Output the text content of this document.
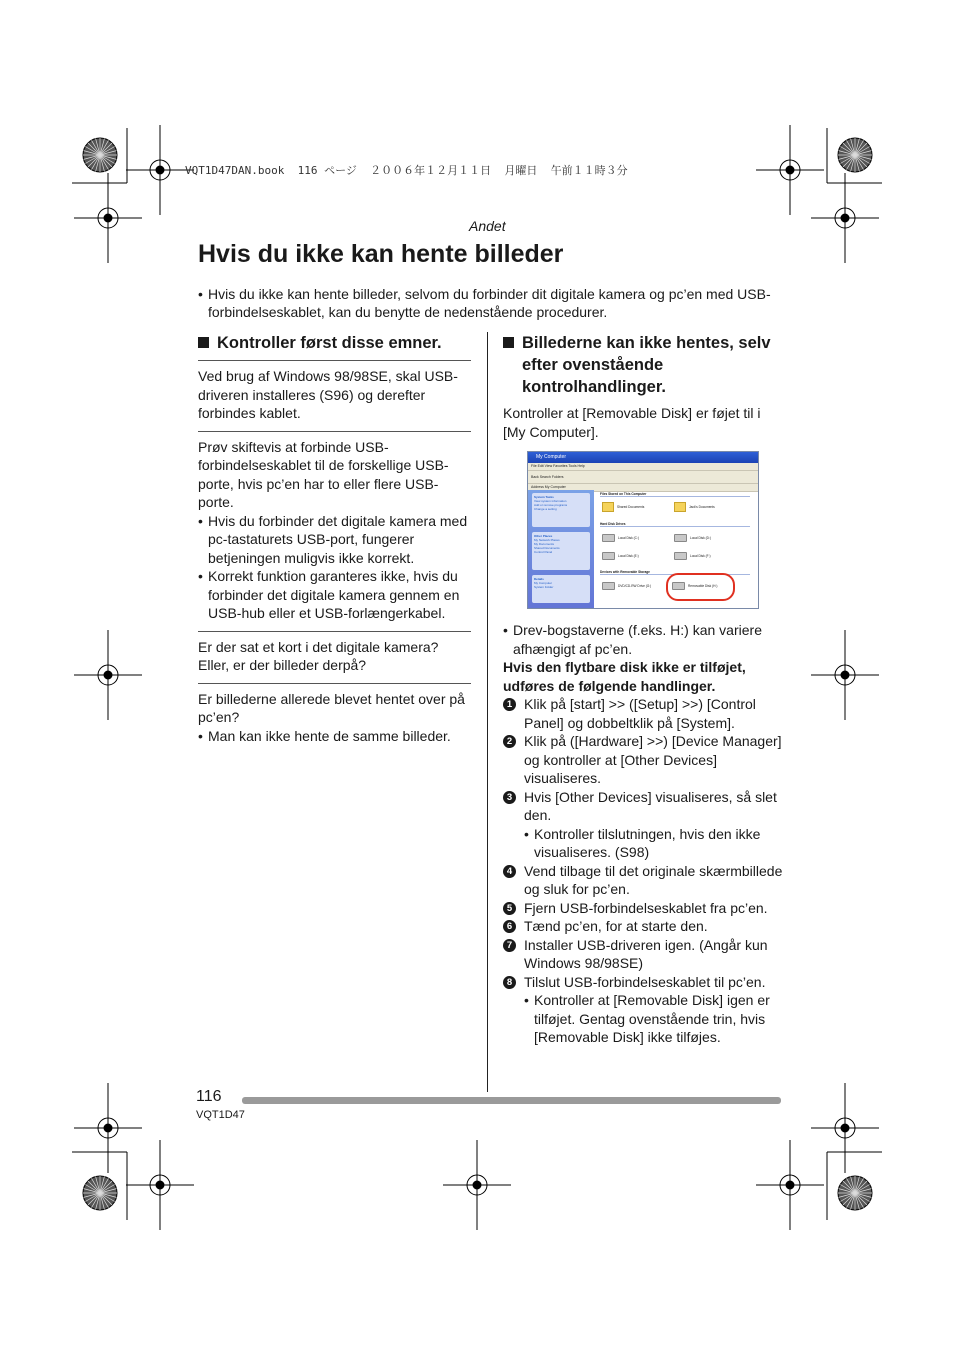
VQT1D47DAN.book  116 ページ  ２００６年１２月１１日  月曜日  午前１１時３分
Andet
Hvis du ikke kan hente billeder
• Hvis du ikke kan hente billeder, selvom du forbinder dit digitale kamera og pc’en med USB-forbindelseskablet, kan du benytte de nedenstående procedurer.
Kontroller først disse emner.
Ved brug af Windows 98/98SE, skal USB-driveren installeres (S96) og derefter forbindes kablet.
Prøv skiftevis at forbinde USB-forbindelseskablet til de forskellige USB-porte, hvis pc’en har to eller flere USB-porte.
• Hvis du forbinder det digitale kamera med pc-tastaturets USB-port, fungerer betjeningen muligvis ikke korrekt.
• Korrekt funktion garanteres ikke, hvis du forbinder det digitale kamera gennem en USB-hub eller et USB-forlængerkabel.
Er der sat et kort i det digitale kamera? Eller, er der billeder derpå?
Er billederne allerede blevet hentet over på pc’en?
• Man kan ikke hente de samme billeder.
Billederne kan ikke hentes, selv efter ovenstående kontrolhandlinger.
Kontroller at [Removable Disk] er føjet til i [My Computer].
My Computer
File Edit View Favorites Tools Help
Back Search Folders
Address My Computer
System Tasks
View system information
Add or remove programs
Change a setting
Other Places
My Network Places
My Documents
Shared Documents
Control Panel
Details
My Computer
System Folder
Files Stored on This Computer
Shared Documents	Jack's Documents
Hard Disk Drives
Local Disk (C:)	Local Disk (D:)
Local Disk (E:)	Local Disk (F:)
Devices with Removable Storage
DVD/CD-RW Drive (G:)	Removable Disk (H:)
• Drev-bogstaverne (f.eks. H:) kan variere afhængigt af pc’en.
Hvis den flytbare disk ikke er tilføjet, udføres de følgende handlinger.
1 Klik på [start] >> ([Setup] >>) [Control Panel] og dobbeltklik på [System].
2 Klik på ([Hardware] >>) [Device Manager] og kontroller at [Other Devices] visualiseres.
3 Hvis [Other Devices] visualiseres, så slet den.
• Kontroller tilslutningen, hvis den ikke visualiseres. (S98)
4 Vend tilbage til det originale skærmbillede og sluk for pc’en.
5 Fjern USB-forbindelseskablet fra pc’en.
6 Tænd pc’en, for at starte den.
7 Installer USB-driveren igen. (Angår kun Windows 98/98SE)
8 Tilslut USB-forbindelseskablet til pc’en.
• Kontroller at [Removable Disk] igen er tilføjet. Gentag ovenstående trin, hvis [Removable Disk] ikke tilføjes.
116
VQT1D47
